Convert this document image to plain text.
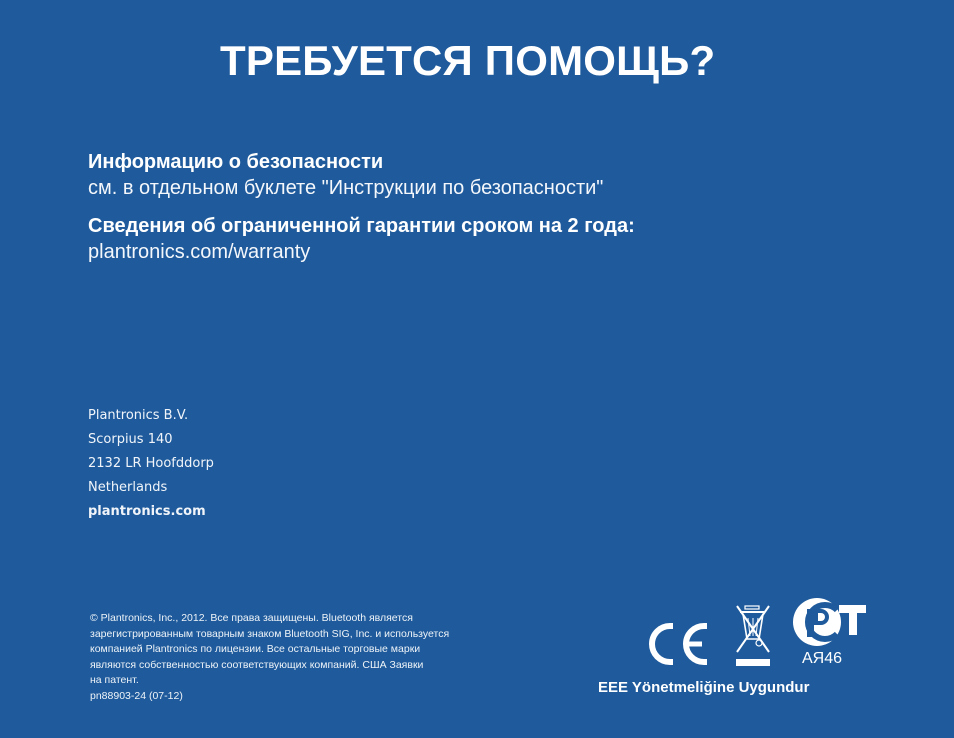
ТРЕБУЕТСЯ ПОМОЩЬ?
Информацию о безопасности
см. в отдельном буклете "Инструкции по безопасности"
Сведения об ограниченной гарантии сроком на 2 года:
plantronics.com/warranty
Plantronics B.V.
Scorpius 140
2132 LR Hoofddorp
Netherlands
plantronics.com
© Plantronics, Inc., 2012. Все права защищены. Bluetooth является
зарегистрированным товарным знаком Bluetooth SIG, Inc. и используется
компанией Plantronics по лицензии. Все остальные торговые марки
являются собственностью соответствующих компаний. США Заявки
на патент.
pn88903-24 (07-12)
АЯ46
EEE Yönetmeliğine Uygundur
